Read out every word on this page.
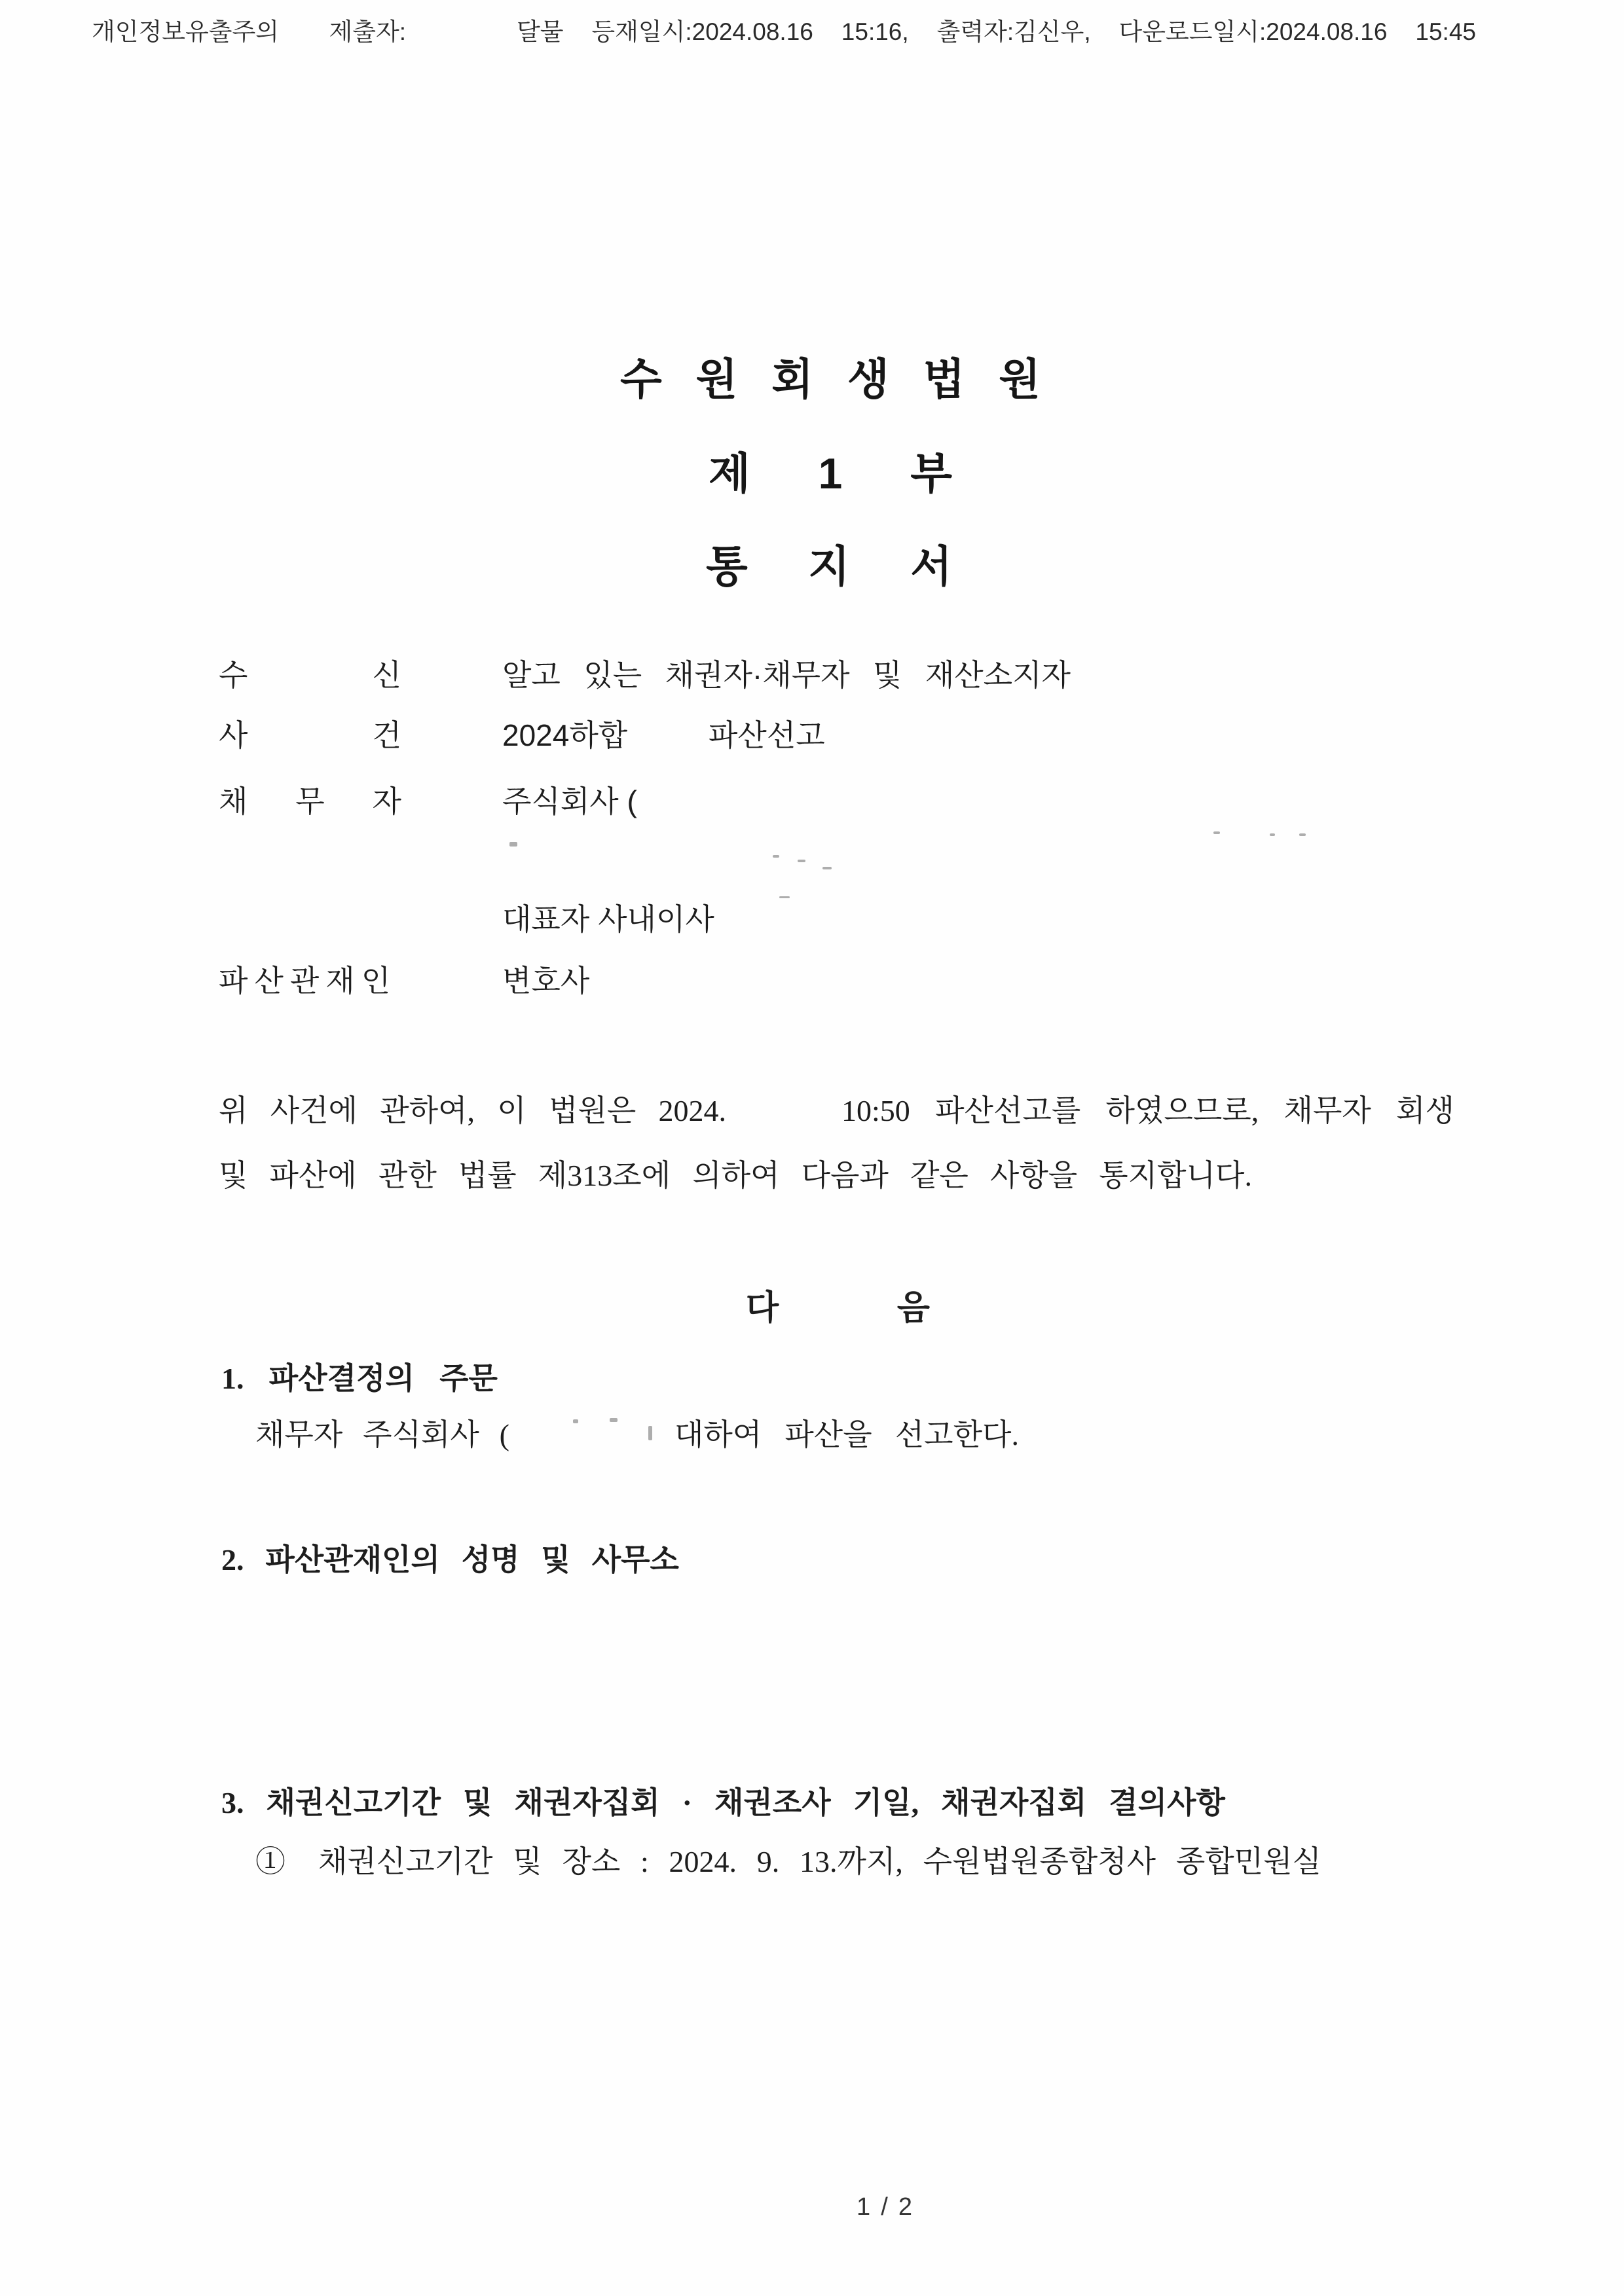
개인정보유출주의 제출자:	달물 등재일시:2024.08.16 15:16, 출력자:김신우, 다운로드일시:2024.08.16 15:45
수 원 회 생 법 원
제 1 부
통 지 서
수 신	알고 있는 채권자·채무자 및 재산소지자
사 건	2024하합	파산선고
채 무 자	주식회사 (
대표자 사내이사
파산관재인	변호사
위 사건에 관하여, 이 법원은 2024.	10:50 파산선고를 하였으므로, 채무자 회생
및 파산에 관한 법률 제313조에 의하여 다음과 같은 사항을 통지합니다.
다 음
1. 파산결정의 주문
채무자 주식회사 (	대하여 파산을 선고한다.
2. 파산관재인의 성명 및 사무소
3. 채권신고기간 및 채권자집회 · 채권조사 기일, 채권자집회 결의사항
① 채권신고기간 및 장소 : 2024. 9. 13.까지, 수원법원종합청사 종합민원실
1 / 2
